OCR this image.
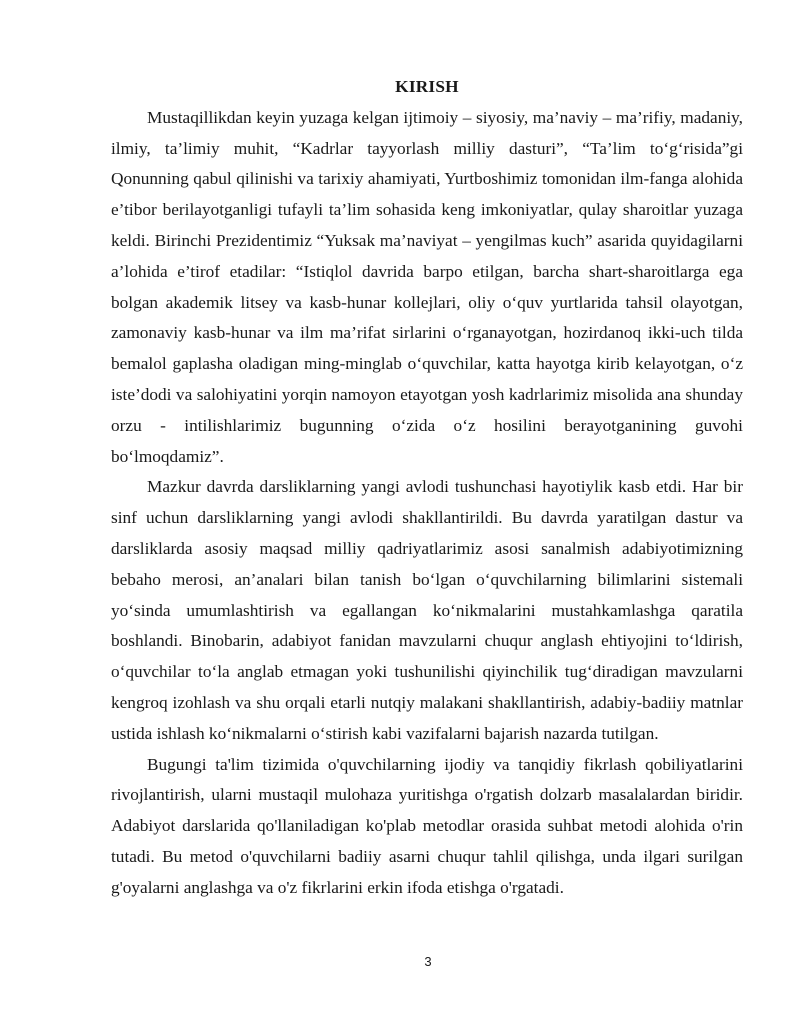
KIRISH

Mustaqillikdan keyin yuzaga kelgan ijtimoiy – siyosiy, ma’naviy – ma’rifiy, madaniy, ilmiy, ta’limiy muhit, “Kadrlar tayyorlash milliy dasturi”, “Ta’lim to‘g‘risida”gi Qonunning qabul qilinishi va tarixiy ahamiyati, Yurtboshimiz tomonidan ilm-fanga alohida e’tibor berilayotganligi tufayli ta’lim sohasida keng imkoniyatlar, qulay sharoitlar yuzaga keldi. Birinchi Prezidentimiz “Yuksak ma’naviyat – yengilmas kuch” asarida quyidagilarni a’lohida e’tirof etadilar: “Istiqlol davrida barpo etilgan, barcha shart-sharoitlarga ega bolgan akademik litsey va kasb-hunar kollejlari, oliy o‘quv yurtlarida tahsil olayotgan, zamonaviy kasb-hunar va ilm ma’rifat sirlarini o‘rganayotgan, hozirdanoq ikki-uch tilda bemalol gaplasha oladigan ming-minglab o‘quvchilar, katta hayotga kirib kelayotgan, o‘z iste’dodi va salohiyatini yorqin namoyon etayotgan yosh kadrlarimiz misolida ana shunday orzu - intilishlarimiz bugunning o‘zida o‘z hosilini berayotganining guvohi bo‘lmoqdamiz”.

Mazkur davrda darsliklarning yangi avlodi tushunchasi hayotiylik kasb etdi. Har bir sinf uchun darsliklarning yangi avlodi shakllantirildi. Bu davrda yaratilgan dastur va darsliklarda asosiy maqsad milliy qadriyatlarimiz asosi sanalmish adabiyotimizning bebaho merosi, an’analari bilan tanish bo‘lgan o‘quvchilarning bilimlarini sistemali yo‘sinda umumlashtirish va egallangan ko‘nikmalarini mustahkamlashga qaratila boshlandi. Binobarin, adabiyot fanidan mavzularni chuqur anglash ehtiyojini to‘ldirish, o‘quvchilar to‘la anglab etmagan yoki tushunilishi qiyinchilik tug‘diradigan mavzularni kengroq izohlash va shu orqali etarli nutqiy malakani shakllantirish, adabiy-badiiy matnlar ustida ishlash ko‘nikmalarni o‘stirish kabi vazifalarni bajarish nazarda tutilgan.

Bugungi ta'lim tizimida o'quvchilarning ijodiy va tanqidiy fikrlash qobiliyatlarini rivojlantirish, ularni mustaqil mulohaza yuritishga o'rgatish dolzarb masalalardan biridir. Adabiyot darslarida qo'llaniladigan ko'plab metodlar orasida suhbat metodi alohida o'rin tutadi. Bu metod o'quvchilarni badiiy asarni chuqur tahlil qilishga, unda ilgari surilgan g'oyalarni anglashga va o'z fikrlarini erkin ifoda etishga o'rgatadi.

3
